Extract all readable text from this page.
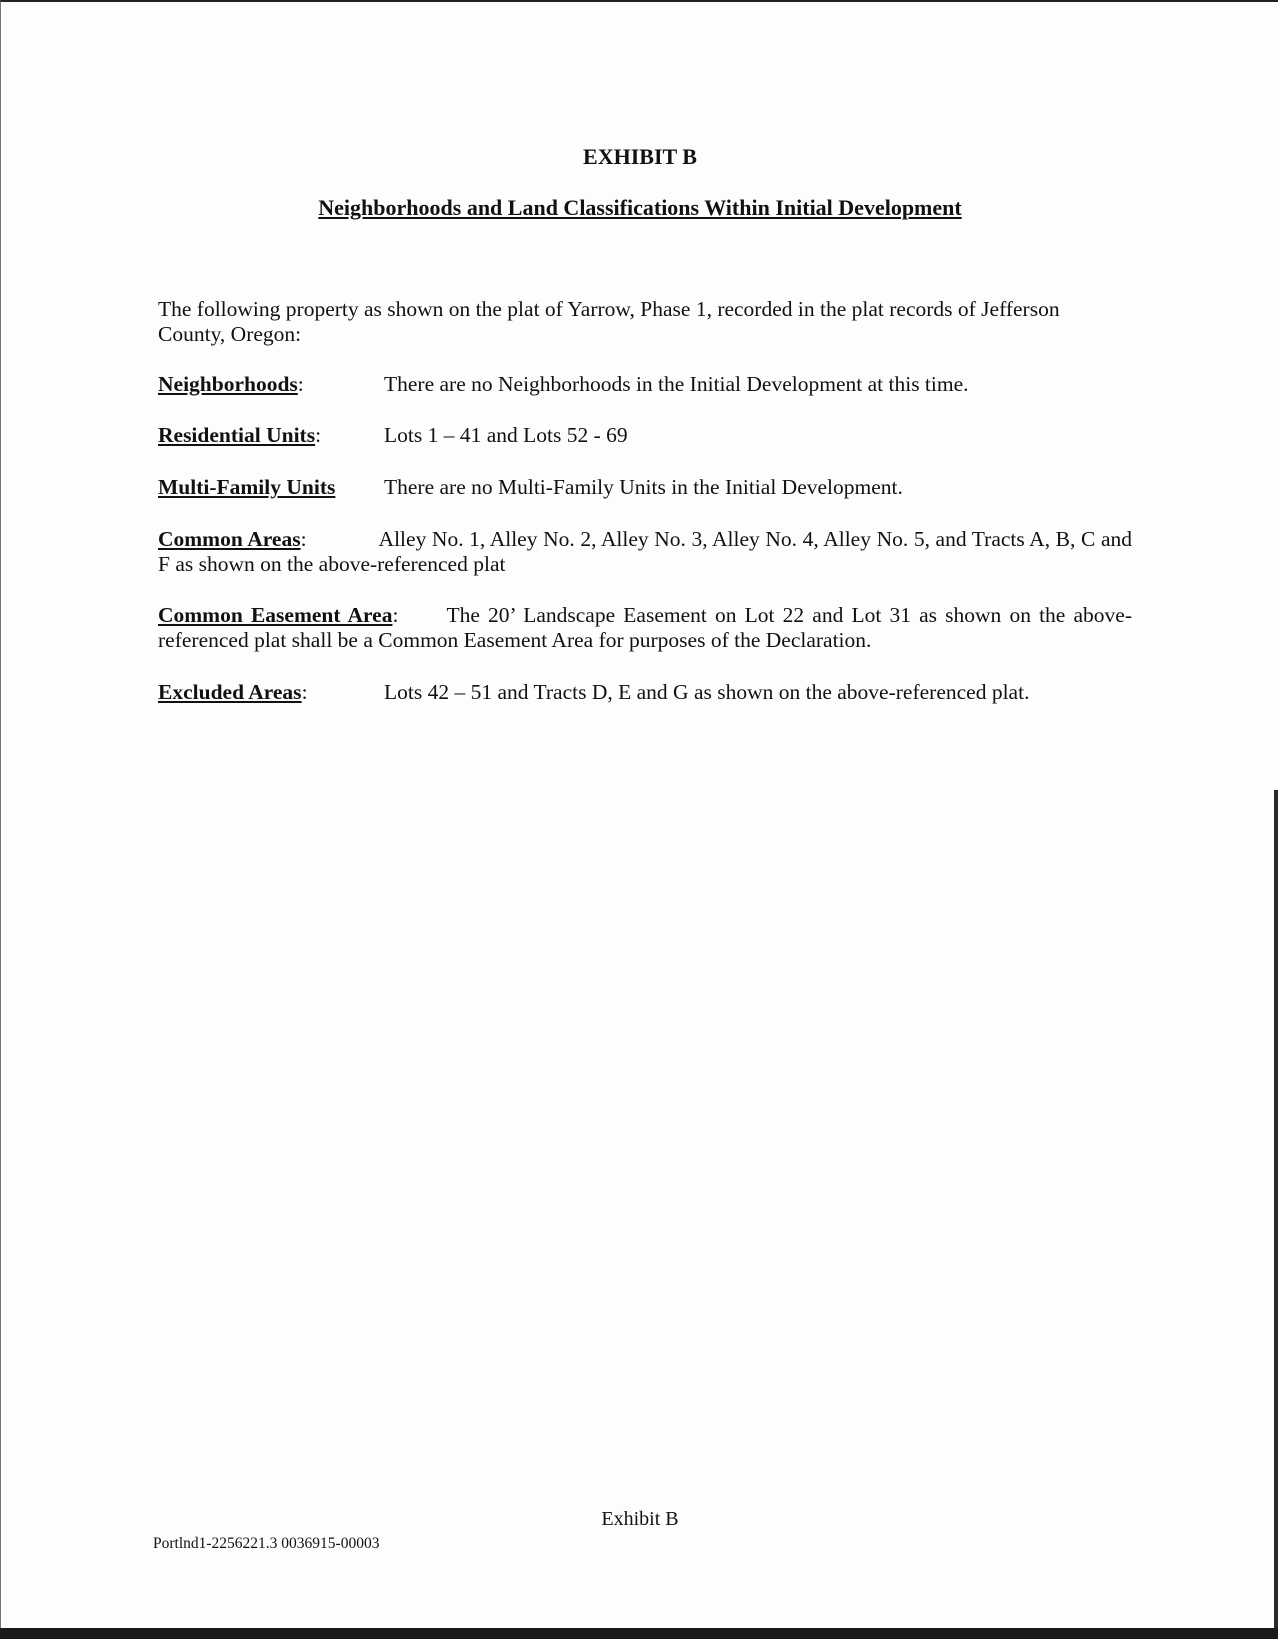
EXHIBIT B
Neighborhoods and Land Classifications Within Initial Development
The following property as shown on the plat of Yarrow, Phase 1, recorded in the plat records of Jefferson County, Oregon:
Neighborhoods:	There are no Neighborhoods in the Initial Development at this time.
Residential Units:	Lots 1 – 41 and Lots 52 - 69
Multi-Family Units There are no Multi-Family Units in the Initial Development.
Common Areas:	Alley No. 1, Alley No. 2, Alley No. 3, Alley No. 4, Alley No. 5, and Tracts A, B, C and F as shown on the above-referenced plat
Common Easement Area: The 20’ Landscape Easement on Lot 22 and Lot 31 as shown on the above-referenced plat shall be a Common Easement Area for purposes of the Declaration.
Excluded Areas:	Lots 42 – 51 and Tracts D, E and G as shown on the above-referenced plat.
Exhibit B
Portlnd1-2256221.3 0036915-00003
